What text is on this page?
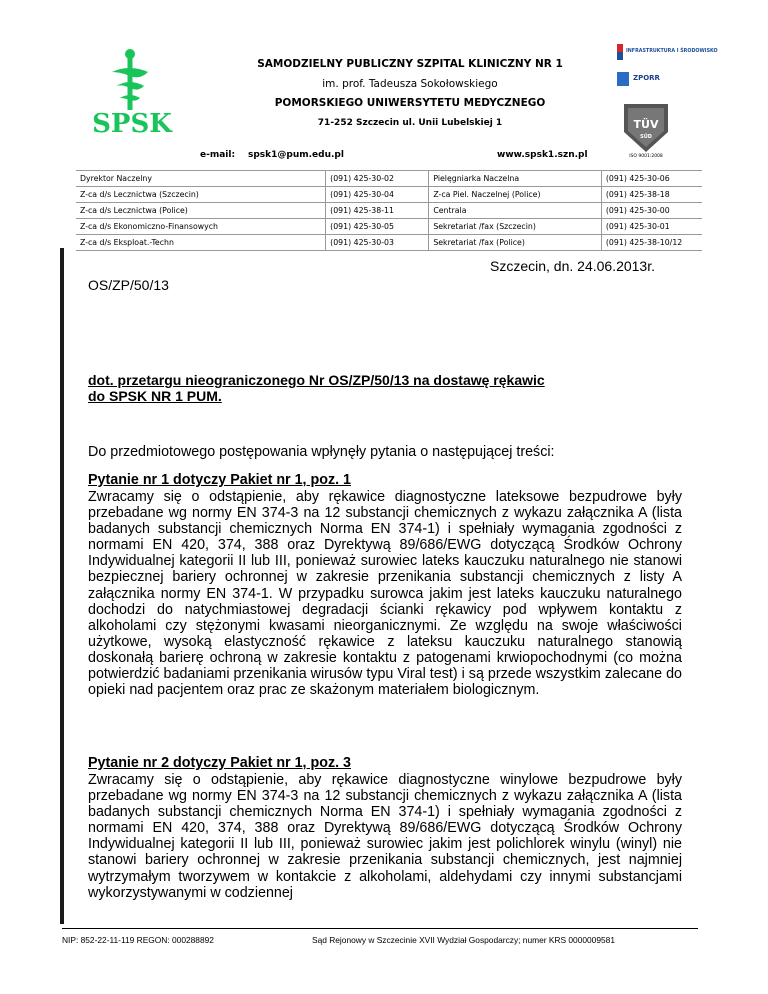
SPSK
SAMODZIELNY PUBLICZNY SZPITAL KLINICZNY NR 1
im. prof. Tadeusza Sokołowskiego
POMORSKIEGO UNIWERSYTETU MEDYCZNEGO
71-252 Szczecin ul. Unii Lubelskiej 1
INFRASTRUKTURA I ŚRODOWISKO
ZPORR
TÜV
SÜD
ISO 9001:2008
e-mail: spsk1@pum.edu.pl	www.spsk1.szn.pl
Dyrektor Naczelny	(091) 425-30-02	Pielęgniarka Naczelna	(091) 425-30-06
Z-ca d/s Lecznictwa (Szczecin)	(091) 425-30-04	Z-ca Piel. Naczelnej (Police)	(091) 425-38-18
Z-ca d/s Lecznictwa (Police)	(091) 425-38-11	Centrala	(091) 425-30-00
Z-ca d/s Ekonomiczno-Finansowych	(091) 425-30-05	Sekretariat /fax (Szczecin)	(091) 425-30-01
Z-ca d/s Eksploat.-Techn	(091) 425-30-03	Sekretariat /fax (Police)	(091) 425-38-10/12
Szczecin, dn. 24.06.2013r.
OS/ZP/50/13
dot. przetargu nieograniczonego Nr OS/ZP/50/13 na dostawę rękawic
do SPSK NR 1 PUM.
Do przedmiotowego postępowania wpłynęły pytania o następującej treści:
Pytanie nr 1 dotyczy Pakiet nr 1, poz. 1
Zwracamy się o odstąpienie, aby rękawice diagnostyczne lateksowe bezpudrowe były przebadane wg normy EN 374-3 na 12 substancji chemicznych z wykazu załącznika A (lista badanych substancji chemicznych Norma EN 374-1) i spełniały wymagania zgodności z normami EN 420, 374, 388 oraz Dyrektywą 89/686/EWG dotyczącą Środków Ochrony Indywidualnej kategorii II lub III, ponieważ surowiec lateks kauczuku naturalnego nie stanowi bezpiecznej bariery ochronnej w zakresie przenikania substancji chemicznych z listy A załącznika normy EN 374-1. W przypadku surowca jakim jest lateks kauczuku naturalnego dochodzi do natychmiastowej degradacji ścianki rękawicy pod wpływem kontaktu z alkoholami czy stężonymi kwasami nieorganicznymi. Ze względu na swoje właściwości użytkowe, wysoką elastyczność rękawice z lateksu kauczuku naturalnego stanowią doskonałą barierę ochroną w zakresie kontaktu z patogenami krwiopochodnymi (co można potwierdzić badaniami przenikania wirusów typu Viral test) i są przede wszystkim zalecane do opieki nad pacjentem oraz prac ze skażonym materiałem biologicznym.
Pytanie nr 2 dotyczy Pakiet nr 1, poz. 3
Zwracamy się o odstąpienie, aby rękawice diagnostyczne winylowe bezpudrowe były przebadane wg normy EN 374-3 na 12 substancji chemicznych z wykazu załącznika A (lista badanych substancji chemicznych Norma EN 374-1) i spełniały wymagania zgodności z normami EN 420, 374, 388 oraz Dyrektywą 89/686/EWG dotyczącą Środków Ochrony Indywidualnej kategorii II lub III, ponieważ surowiec jakim jest polichlorek winylu (winyl) nie stanowi bariery ochronnej w zakresie przenikania substancji chemicznych, jest najmniej wytrzymałym tworzywem w kontakcie z alkoholami, aldehydami czy innymi substancjami wykorzystywanymi w codziennej
NIP: 852-22-11-119 REGON: 000288892	Sąd Rejonowy w Szczecinie XVII Wydział Gospodarczy; numer KRS 0000009581
